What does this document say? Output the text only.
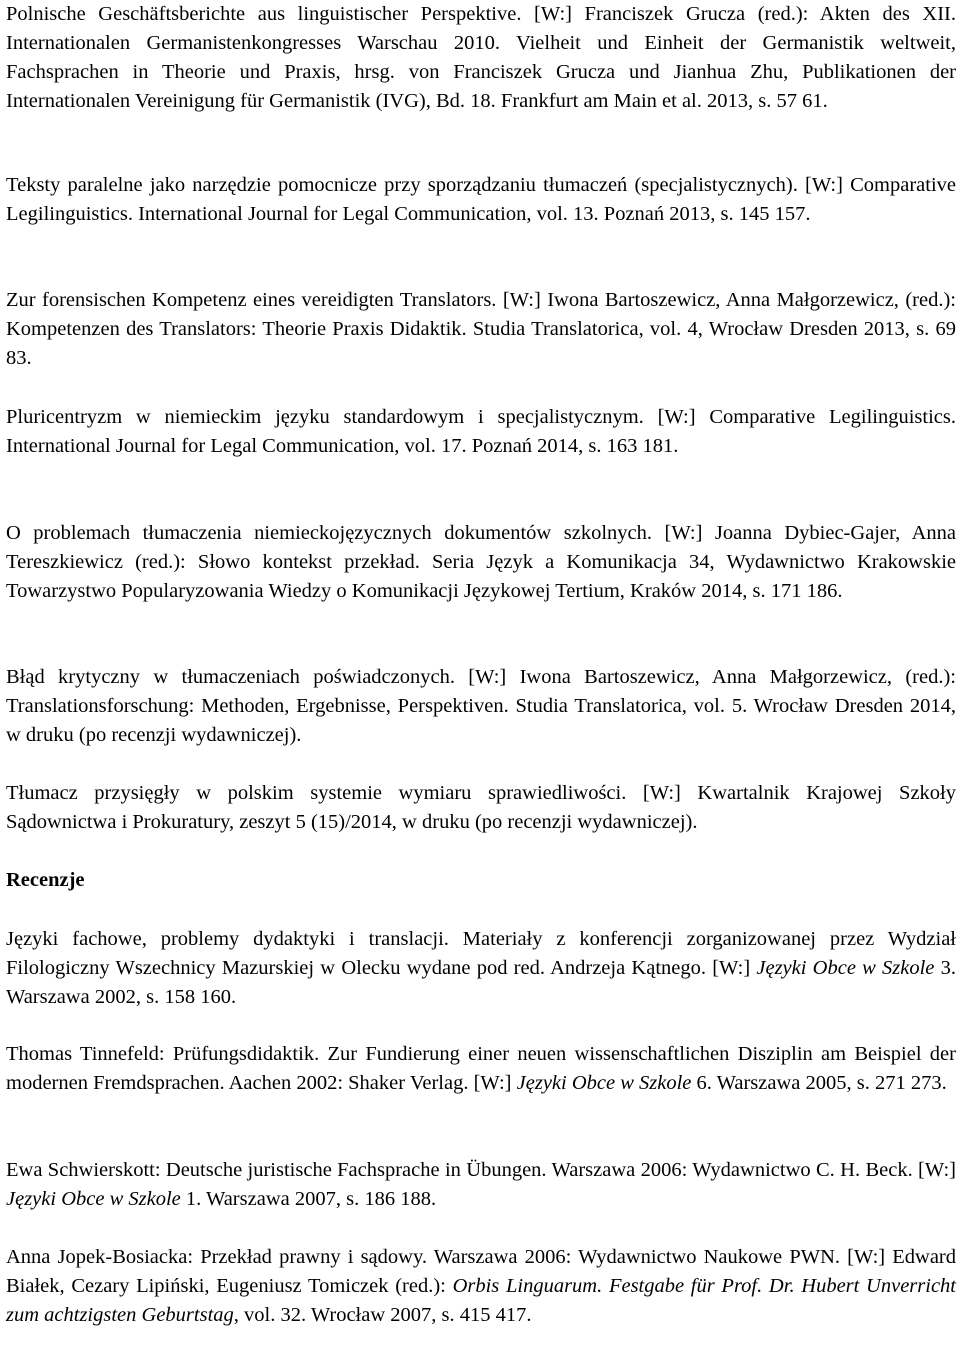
Polnische Geschäftsberichte aus linguistischer Perspektive. [W:] Franciszek Grucza (red.): Akten des XII. Internationalen Germanistenkongresses Warschau 2010. Vielheit und Einheit der Germanistik weltweit, Fachsprachen in Theorie und Praxis, hrsg. von Franciszek Grucza und Jianhua Zhu, Publikationen der Internationalen Vereinigung für Germanistik (IVG), Bd. 18. Frankfurt am Main et al. 2013, s. 57 61.

Teksty paralelne jako narzędzie pomocnicze przy sporządzaniu tłumaczeń (specjalistycznych). [W:] Comparative Legilinguistics. International Journal for Legal Communication, vol. 13. Poznań 2013, s. 145 157.

Zur forensischen Kompetenz eines vereidigten Translators. [W:] Iwona Bartoszewicz, Anna Małgorzewicz, (red.): Kompetenzen des Translators: Theorie Praxis Didaktik. Studia Translatorica, vol. 4, Wrocław Dresden 2013, s. 69 83.

Pluricentryzm w niemieckim języku standardowym i specjalistycznym. [W:] Comparative Legilinguistics. International Journal for Legal Communication, vol. 17. Poznań 2014, s. 163 181.

O problemach tłumaczenia niemieckojęzycznych dokumentów szkolnych. [W:] Joanna Dybiec-Gajer, Anna Tereszkiewicz (red.): Słowo kontekst przekład. Seria Język a Komunikacja 34, Wydawnictwo Krakowskie Towarzystwo Popularyzowania Wiedzy o Komunikacji Językowej Tertium, Kraków 2014, s. 171 186.

Błąd krytyczny w tłumaczeniach poświadczonych. [W:] Iwona Bartoszewicz, Anna Małgorzewicz, (red.): Translationsforschung: Methoden, Ergebnisse, Perspektiven. Studia Translatorica, vol. 5. Wrocław Dresden 2014, w druku (po recenzji wydawniczej).

Tłumacz przysięgły w polskim systemie wymiaru sprawiedliwości. [W:] Kwartalnik Krajowej Szkoły Sądownictwa i Prokuratury, zeszyt 5 (15)/2014, w druku (po recenzji wydawniczej).

Recenzje

Języki fachowe, problemy dydaktyki i translacji. Materiały z konferencji zorganizowanej przez Wydział Filologiczny Wszechnicy Mazurskiej w Olecku wydane pod red. Andrzeja Kątnego. [W:] Języki Obce w Szkole 3. Warszawa 2002, s. 158 160.

Thomas Tinnefeld: Prüfungsdidaktik. Zur Fundierung einer neuen wissenschaftlichen Disziplin am Beispiel der modernen Fremdsprachen. Aachen 2002: Shaker Verlag. [W:] Języki Obce w Szkole 6. Warszawa 2005, s. 271 273.

Ewa Schwierskott: Deutsche juristische Fachsprache in Übungen. Warszawa 2006: Wydawnictwo C. H. Beck. [W:] Języki Obce w Szkole 1. Warszawa 2007, s. 186 188.

Anna Jopek-Bosiacka: Przekład prawny i sądowy. Warszawa 2006: Wydawnictwo Naukowe PWN. [W:] Edward Białek, Cezary Lipiński, Eugeniusz Tomiczek (red.): Orbis Linguarum. Festgabe für Prof. Dr. Hubert Unverricht zum achtzigsten Geburtstag, vol. 32. Wrocław 2007, s. 415 417.
